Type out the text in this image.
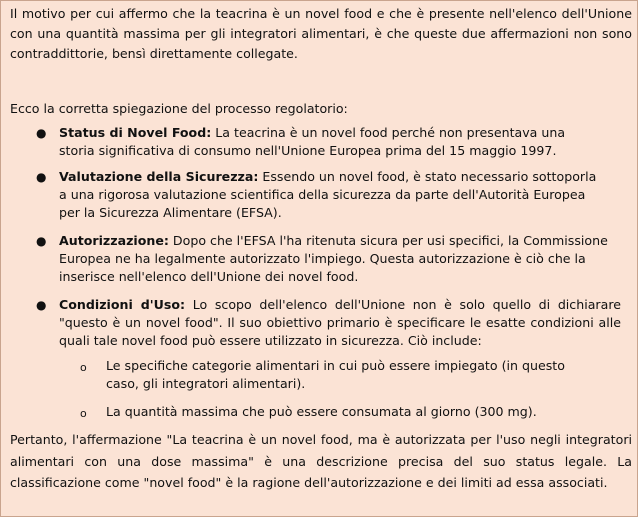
Il motivo per cui affermo che la teacrina è un novel food e che è presente nell'elenco dell'Unione con una quantità massima per gli integratori alimentari, è che queste due affermazioni non sono contraddittorie, bensì direttamente collegate.

Ecco la corretta spiegazione del processo regolatorio:

● Status di Novel Food: La teacrina è un novel food perché non presentava una storia significativa di consumo nell'Unione Europea prima del 15 maggio 1997.
● Valutazione della Sicurezza: Essendo un novel food, è stato necessario sottoporla a una rigorosa valutazione scientifica della sicurezza da parte dell'Autorità Europea per la Sicurezza Alimentare (EFSA).
● Autorizzazione: Dopo che l'EFSA l'ha ritenuta sicura per usi specifici, la Commissione Europea ne ha legalmente autorizzato l'impiego. Questa autorizzazione è ciò che la inserisce nell'elenco dell'Unione dei novel food.
● Condizioni d'Uso: Lo scopo dell'elenco dell'Unione non è solo quello di dichiarare "questo è un novel food". Il suo obiettivo primario è specificare le esatte condizioni alle quali tale novel food può essere utilizzato in sicurezza. Ciò include:
o Le specifiche categorie alimentari in cui può essere impiegato (in questo caso, gli integratori alimentari).
o La quantità massima che può essere consumata al giorno (300 mg).

Pertanto, l'affermazione "La teacrina è un novel food, ma è autorizzata per l'uso negli integratori alimentari con una dose massima" è una descrizione precisa del suo status legale. La classificazione come "novel food" è la ragione dell'autorizzazione e dei limiti ad essa associati.
